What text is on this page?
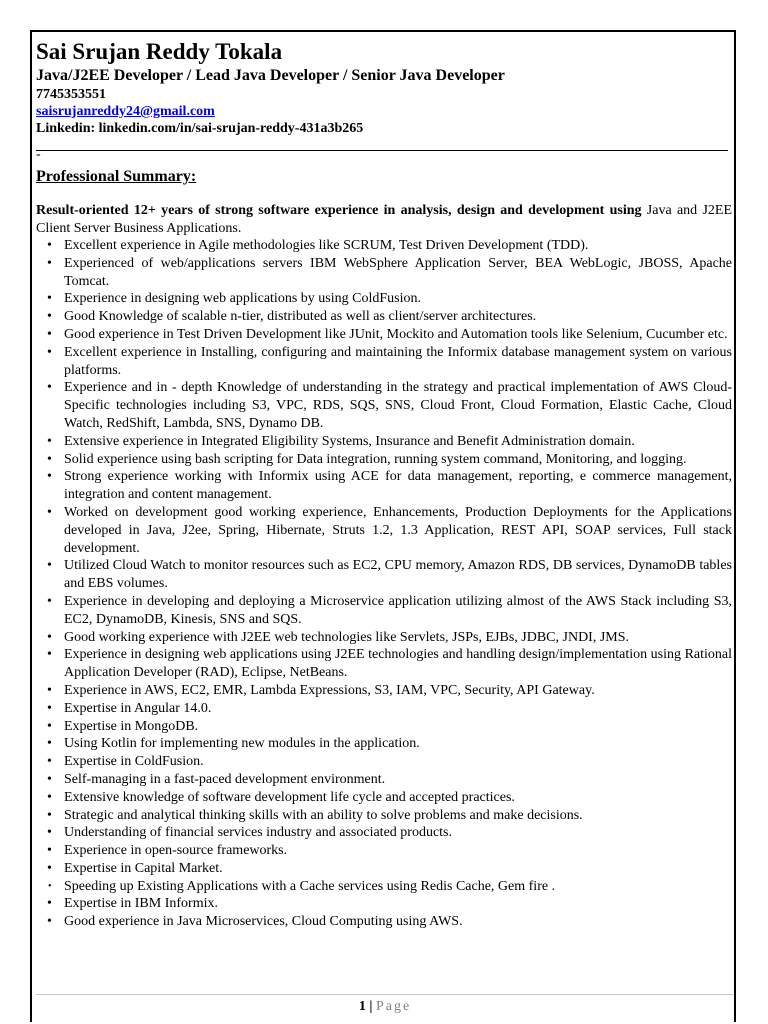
Sai Srujan Reddy Tokala
Java/J2EE Developer / Lead Java Developer / Senior Java Developer
7745353551
saisrujanreddy24@gmail.com
Linkedin: linkedin.com/in/sai-srujan-reddy-431a3b265
-
Professional Summary:
Result-oriented 12+ years of strong software experience in analysis, design and development using Java and J2EE Client Server Business Applications.
• Excellent experience in Agile methodologies like SCRUM, Test Driven Development (TDD).
• Experienced of web/applications servers IBM WebSphere Application Server, BEA WebLogic, JBOSS, Apache Tomcat.
• Experience in designing web applications by using ColdFusion.
• Good Knowledge of scalable n-tier, distributed as well as client/server architectures.
• Good experience in Test Driven Development like JUnit, Mockito and Automation tools like Selenium, Cucumber etc.
• Excellent experience in Installing, configuring and maintaining the Informix database management system on various platforms.
• Experience and in - depth Knowledge of understanding in the strategy and practical implementation of AWS Cloud-Specific technologies including S3, VPC, RDS, SQS, SNS, Cloud Front, Cloud Formation, Elastic Cache, Cloud Watch, RedShift, Lambda, SNS, Dynamo DB.
• Extensive experience in Integrated Eligibility Systems, Insurance and Benefit Administration domain.
• Solid experience using bash scripting for Data integration, running system command, Monitoring, and logging.
• Strong experience working with Informix using ACE for data management, reporting, e commerce management, integration and content management.
• Worked on development good working experience, Enhancements, Production Deployments for the Applications developed in Java, J2ee, Spring, Hibernate, Struts 1.2, 1.3 Application, REST API, SOAP services, Full stack development.
• Utilized Cloud Watch to monitor resources such as EC2, CPU memory, Amazon RDS, DB services, DynamoDB tables and EBS volumes.
• Experience in developing and deploying a Microservice application utilizing almost of the AWS Stack including S3, EC2, DynamoDB, Kinesis, SNS and SQS.
• Good working experience with J2EE web technologies like Servlets, JSPs, EJBs, JDBC, JNDI, JMS.
• Experience in designing web applications using J2EE technologies and handling design/implementation using Rational Application Developer (RAD), Eclipse, NetBeans.
• Experience in AWS, EC2, EMR, Lambda Expressions, S3, IAM, VPC, Security, API Gateway.
• Expertise in Angular 14.0.
• Expertise in MongoDB.
• Using Kotlin for implementing new modules in the application.
• Expertise in ColdFusion.
• Self-managing in a fast-paced development environment.
• Extensive knowledge of software development life cycle and accepted practices.
• Strategic and analytical thinking skills with an ability to solve problems and make decisions.
• Understanding of financial services industry and associated products.
• Experience in open-source frameworks.
• Expertise in Capital Market.
• Speeding up Existing Applications with a Cache services using Redis Cache, Gem fire .
• Expertise in IBM Informix.
• Good experience in Java Microservices, Cloud Computing using AWS.
1 | Page
